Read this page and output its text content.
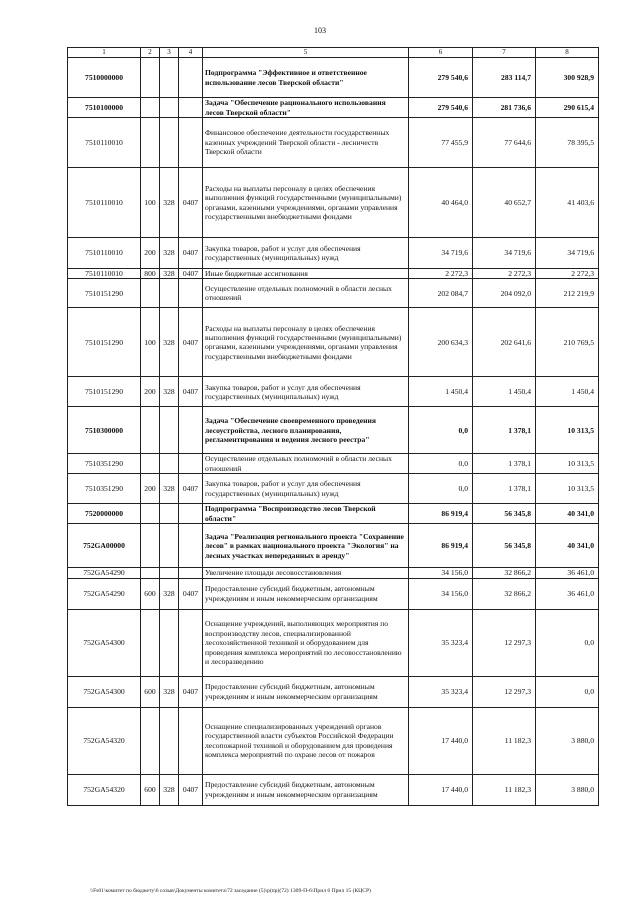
103
1	2	3	4	5	6	7	8
7510000000				Подпрограмма "Эффективное и ответственное использование лесов Тверской области"	279 540,6	283 114,7	300 928,9
7510100000				Задача "Обеспечение рационального использования лесов Тверской области"	279 540,6	281 736,6	290 615,4
7510110010				Финансовое обеспечение деятельности государственных казенных учреждений Тверской области - лесничеств Тверской области	77 455,9	77 644,6	78 395,5
7510110010	100	328	0407	Расходы на выплаты персоналу в целях обеспечения выполнения функций государственными (муниципальными) органами, казенными учреждениями, органами управления государственными внебюджетными фондами	40 464,0	40 652,7	41 403,6
7510110010	200	328	0407	Закупка товаров, работ и услуг для обеспечения государственных (муниципальных) нужд	34 719,6	34 719,6	34 719,6
7510110010	800	328	0407	Иные бюджетные ассигнования	2 272,3	2 272,3	2 272,3
7510151290				Осуществление отдельных полномочий в области лесных отношений	202 084,7	204 092,0	212 219,9
7510151290	100	328	0407	Расходы на выплаты персоналу в целях обеспечения выполнения функций государственными (муниципальными) органами, казенными учреждениями, органами управления государственными внебюджетными фондами	200 634,3	202 641,6	210 769,5
7510151290	200	328	0407	Закупка товаров, работ и услуг для обеспечения государственных (муниципальных) нужд	1 450,4	1 450,4	1 450,4
7510300000				Задача "Обеспечение своевременного проведения лесоустройства, лесного планирования, регламентирования и ведения лесного реестра"	0,0	1 378,1	10 313,5
7510351290				Осуществление отдельных полномочий в области лесных отношений	0,0	1 378,1	10 313,5
7510351290	200	328	0407	Закупка товаров, работ и услуг для обеспечения государственных (муниципальных) нужд	0,0	1 378,1	10 313,5
7520000000				Подпрограмма "Воспроизводство лесов Тверской области"	86 919,4	56 345,8	40 341,0
752GA00000				Задача "Реализация регионального проекта "Сохранение лесов" в рамках национального проекта "Экология" на лесных участках непереданных в аренду"	86 919,4	56 345,8	40 341,0
752GA54290				Увеличение площади лесовосстановления	34 156,0	32 866,2	36 461,0
752GA54290	600	328	0407	Предоставление субсидий бюджетным, автономным учреждениям и иным некоммерческим организациям	34 156,0	32 866,2	36 461,0
752GA54300				Оснащение учреждений, выполняющих мероприятия по воспроизводству лесов, специализированной лесохозяйственной техникой и оборудованием для проведения комплекса мероприятий по лесовосстановлению и лесоразведению	35 323,4	12 297,3	0,0
752GA54300	600	328	0407	Предоставление субсидий бюджетным, автономным учреждениям и иным некоммерческим организациям	35 323,4	12 297,3	0,0
752GA54320				Оснащение специализированных учреждений органов государственной власти субъектов Российской Федерации лесопожарной техникой и оборудованием для проведения комплекса мероприятий по охране лесов от пожаров	17 440,0	11 182,3	3 880,0
752GA54320	600	328	0407	Предоставление субсидий бюджетным, автономным учреждениям и иным некоммерческим организациям	17 440,0	11 182,3	3 880,0
\\Fs01\комитет по бюджету\6 созыв\Документы комитета\72 заседание (5)\р(пр)(72) 1309-П-6\Прил 6 Прил 15 (КЦСР)
